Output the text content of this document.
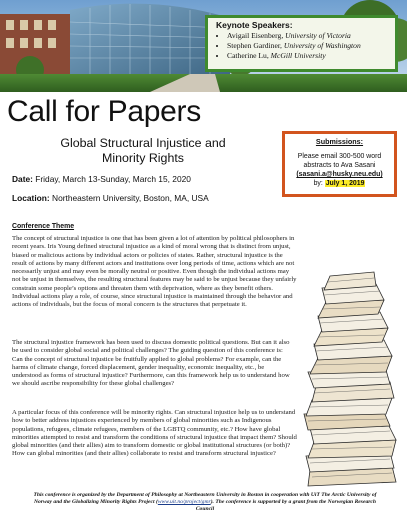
Keynote Speakers:
• Avigail Eisenberg, University of Victoria
• Stephen Gardiner, University of Washington
• Catherine Lu, McGill University
Call for Papers
Global Structural Injustice and Minority Rights
Date: Friday, March 13-Sunday, March 15, 2020
Location: Northeastern University, Boston, MA, USA
Submissions:
Please email 300-500 word abstracts to Ava Sasani
(sasani.a@husky.neu.edu)
by: July 1, 2019
Conference Theme
The concept of structural injustice is one that has been given a lot of attention by political philosophers in recent years. Iris Young defined structural injustice as a kind of moral wrong that is distinct from unjust, biased or malicious actions by individual actors or policies of states. Rather, structural injustice is the result of actions by many different actors and institutions over long periods of time, actions which are not necessarily unjust and may even be morally neutral or positive. Even though the individual actions may not be unjust in themselves, the resulting structural features may be said to be unjust because they unfairly constrain some people’s options and threaten them with deprivation, where as they benefit others. Individual actions play a role, of course, since structural injustice is maintained through the behavior and actions of individuals, but the focus of moral concern is the structures that perpetuate it.
The structural injustice framework has been used to discuss domestic political questions. But can it also be used to consider global social and political challenges? The guiding question of this conference is: Can the concept of structural injustice be fruitfully applied to global problems? For example, can the harms of climate change, forced displacement, gender inequality, economic inequality, etc., be understood as forms of structural injustice? Furthermore, can this framework help us to understand how we should ascribe responsibility for these global challenges?
A particular focus of this conference will be minority rights. Can structural injustice help us to understand how to better address injustices experienced by members of global minorities such as Indigenous populations, refugees, climate refugees, members of the LGBTQ community, etc.? How have global minorities attempted to resist and transform the conditions of structural injustice that impact them? Should global minorities (and their allies) aim to transform domestic or global institutional structures (or both)? How can global minorities (and their allies) collaborate to resist and transform structural injustice?
This conference is organized by the Department of Philosophy at Northeastern University in Boston in cooperation with UiT The Arctic University of Norway and the Globalizing Minority Rights Project (www.uit.no/project/gmr). The conference is supported by a grant from the Norwegian Research Council
